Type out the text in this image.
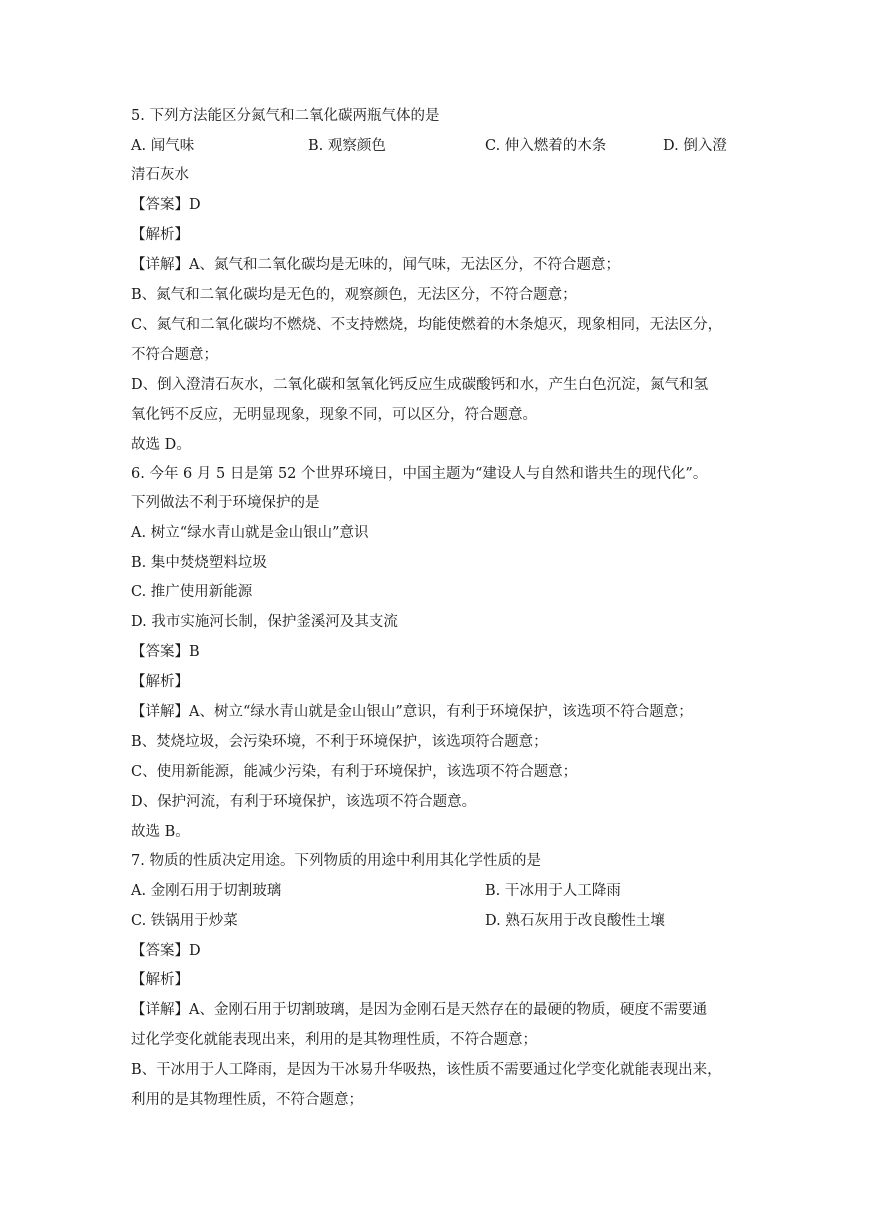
5. 下列方法能区分氮气和二氧化碳两瓶气体的是
A. 闻气味	B. 观察颜色	C. 伸入燃着的木条	D. 倒入澄
清石灰水
【答案】D
【解析】
【详解】A、氮气和二氧化碳均是无味的，闻气味，无法区分，不符合题意；
B、氮气和二氧化碳均是无色的，观察颜色，无法区分，不符合题意；
C、氮气和二氧化碳均不燃烧、不支持燃烧，均能使燃着的木条熄灭，现象相同，无法区分，
不符合题意；
D、倒入澄清石灰水，二氧化碳和氢氧化钙反应生成碳酸钙和水，产生白色沉淀，氮气和氢
氧化钙不反应，无明显现象，现象不同，可以区分，符合题意。
故选 D。
6. 今年 6 月 5 日是第 52 个世界环境日，中国主题为“建设人与自然和谐共生的现代化”。
下列做法不利于环境保护的是
A. 树立“绿水青山就是金山银山”意识
B. 集中焚烧塑料垃圾
C. 推广使用新能源
D. 我市实施河长制，保护釜溪河及其支流
【答案】B
【解析】
【详解】A、树立“绿水青山就是金山银山”意识，有利于环境保护，该选项不符合题意；
B、焚烧垃圾，会污染环境，不利于环境保护，该选项符合题意；
C、使用新能源，能减少污染，有利于环境保护，该选项不符合题意；
D、保护河流，有利于环境保护，该选项不符合题意。
故选 B。
7. 物质的性质决定用途。下列物质的用途中利用其化学性质的是
A. 金刚石用于切割玻璃	B. 干冰用于人工降雨
C. 铁锅用于炒菜	D. 熟石灰用于改良酸性土壤
【答案】D
【解析】
【详解】A、金刚石用于切割玻璃，是因为金刚石是天然存在的最硬的物质，硬度不需要通
过化学变化就能表现出来，利用的是其物理性质，不符合题意；
B、干冰用于人工降雨，是因为干冰易升华吸热，该性质不需要通过化学变化就能表现出来，
利用的是其物理性质，不符合题意；
